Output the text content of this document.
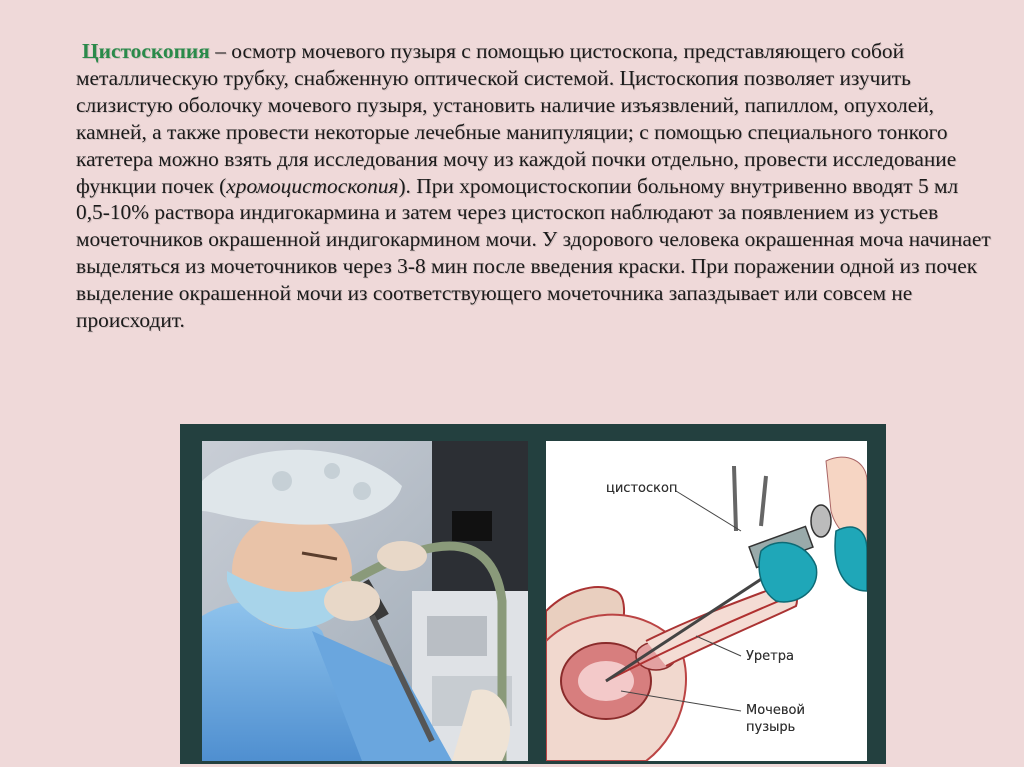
Цистоскопия – осмотр мочевого пузыря с помощью цистоскопа, представляющего собой металлическую трубку, снабженную оптической системой. Цистоскопия позволяет изучить слизистую оболочку мочевого пузыря, установить наличие изъязвлений, папиллом, опухолей, камней, а также провести некоторые лечебные манипуляции; с помощью специального тонкого катетера можно взять для исследования мочу из каждой почки отдельно, провести исследование функции почек (хромоцистоскопия). При хромоцистоскопии больному внутривенно вводят 5 мл 0,5-10% раствора индигокармина и затем через цистоскоп наблюдают за появлением из устьев мочеточников окрашенной индигокармином мочи. У здорового человека окрашенная моча начинает выделяться из мочеточников через 3-8 мин после введения краски. При поражении одной из почек выделение окрашенной мочи из соответствующего мочеточника запаздывает или совсем не происходит.

цистоскоп
Уретра
Мочевой
пузырь
